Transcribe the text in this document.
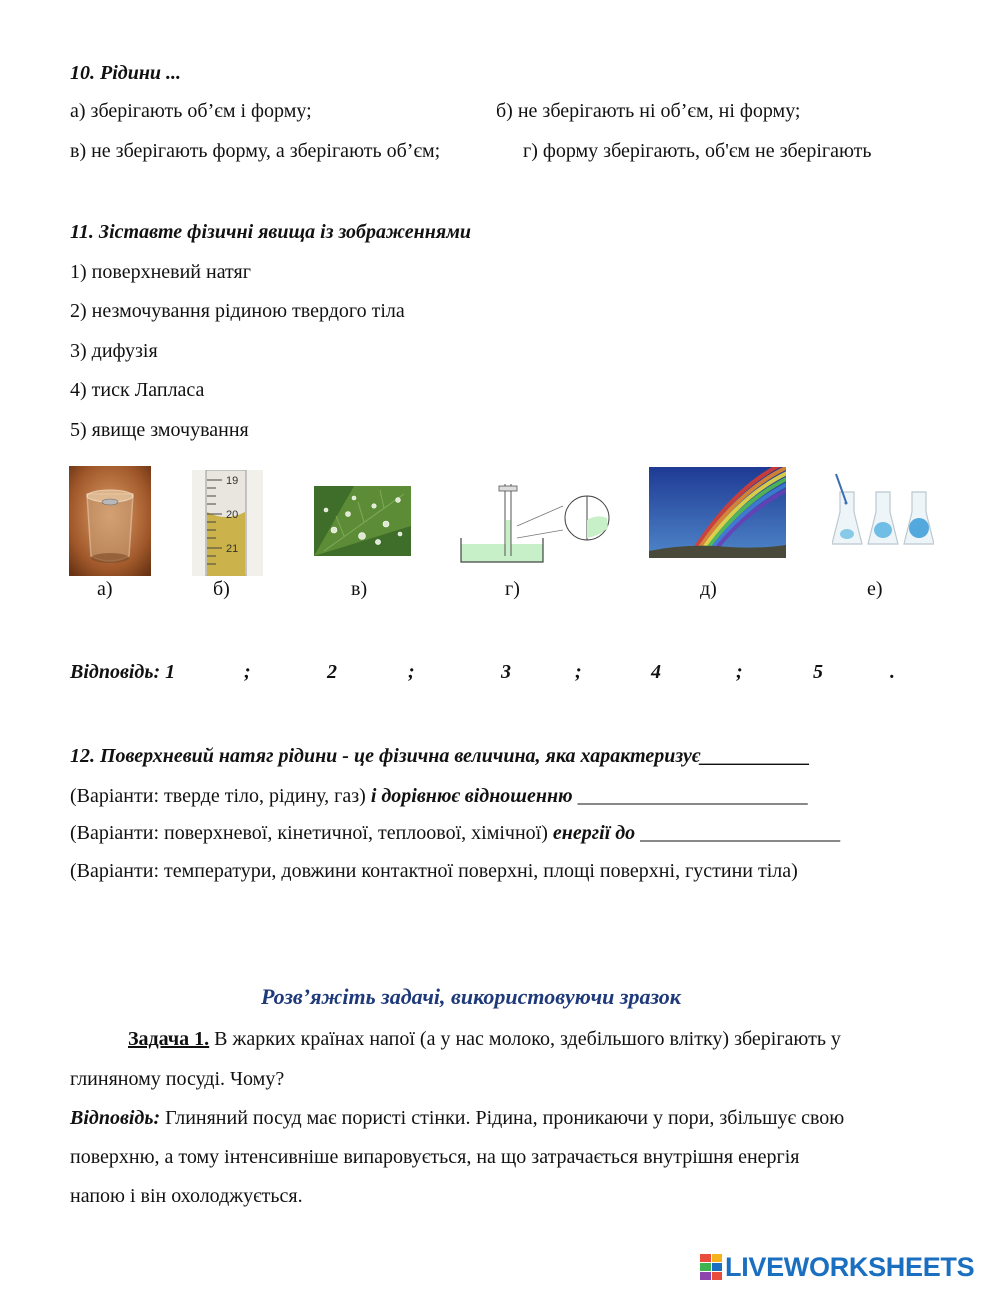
10. Рідини ...
а) зберігають об’єм і форму;	б) не зберігають ні об’єм, ні форму;
в) не зберігають форму, а зберігають об’єм;	г) форму зберігають, об'єм не зберігають
11. Зіставте фізичні явища із зображеннями
1) поверхневий натяг
2) незмочування рідиною твердого тіла
3) дифузія
4) тиск Лапласа
5) явище змочування
19
20
21
а)	б)	в)	г)	д)	е)
Відповідь: 1	;	2	;	3	;	4	;	5	.
12. Поверхневий натяг рідини - це фізична величина, яка характеризує___________
(Варіанти: тверде тіло, рідину, газ) і дорівнює відношенню _______________________
(Варіанти: поверхневої, кінетичної, теплоової, хімічної) енергії до ____________________
(Варіанти: температури, довжини контактної поверхні, площі поверхні, густини тіла)
Розв’яжіть задачі, використовуючи зразок
Задача 1. В жарких країнах напої (а у нас молоко, здебільшого влітку) зберігають у
глиняному посуді. Чому?
Відповідь: Глиняний посуд має пористі стінки. Рідина, проникаючи у пори, збільшує свою
поверхню, а тому інтенсивніше випаровується, на що затрачається внутрішня енергія
напою і він охолоджується.
LIVEWORKSHEETS
